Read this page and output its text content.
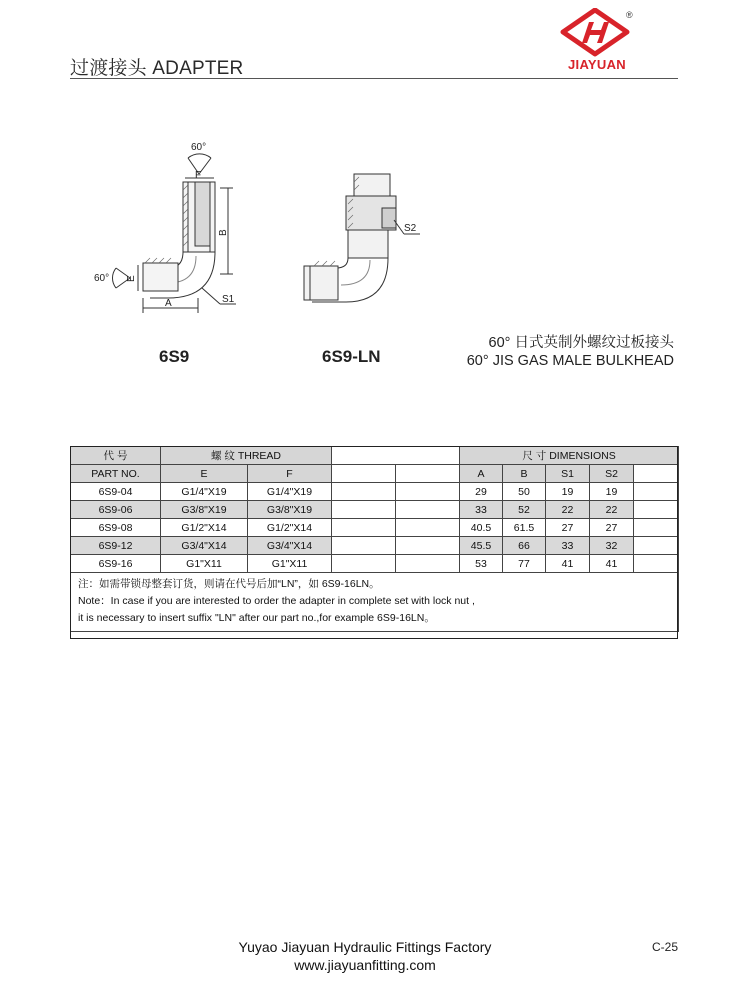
过渡接头 ADAPTER
®
JIAYUAN
60°
F
B
E
60°
A	S1
6S9
S2
6S9-LN
60° 日式英制外螺纹过板接头
60° JIS GAS MALE BULKHEAD
代 号	螺 纹 THREAD				尺 寸 DIMENSIONS				
PART NO.	E	F			A	B	S1	S2	
6S9-04	G1/4"X19	G1/4"X19			29	50	19	19	
6S9-06	G3/8"X19	G3/8"X19			33	52	22	22	
6S9-08	G1/2"X14	G1/2"X14			40.5	61.5	27	27	
6S9-12	G3/4"X14	G3/4"X14			45.5	66	33	32	
6S9-16	G1"X11	G1"X11			53	77	41	41	

注：如需带锁母整套订货，则请在代号后加“LN”，如 6S9-16LN。
Note：In case if you are interested to order the adapter in complete set with lock nut ,
it is necessary to insert suffix "LN" after our part no.,for example 6S9-16LN。									
Yuyao Jiayuan Hydraulic Fittings Factory
www.jiayuanfitting.com
C-25
